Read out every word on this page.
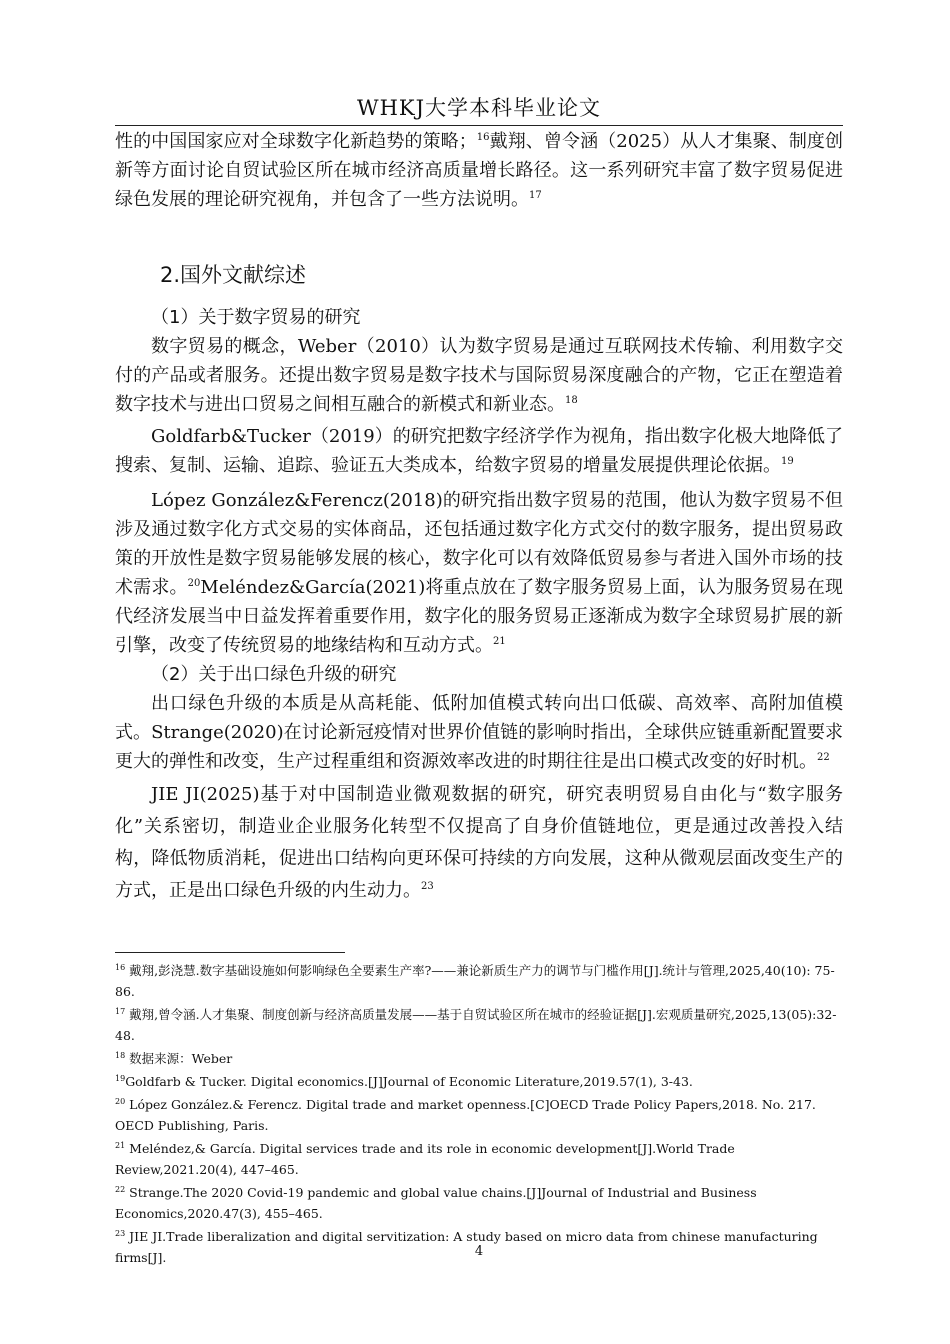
WHKJ大学本科毕业论文

性的中国国家应对全球数字化新趋势的策略；$^{16}$戴翔、曾令涵（2025）从人才集聚、制度创新等方面讨论自贸试验区所在城市经济高质量增长路径。这一系列研究丰富了数字贸易促进绿色发展的理论研究视角，并包含了一些方法说明。$^{17}$

2.国外文献综述
（1）关于数字贸易的研究

数字贸易的概念，Weber（2010）认为数字贸易是通过互联网技术传输、利用数字交付的产品或者服务。还提出数字贸易是数字技术与国际贸易深度融合的产物，它正在塑造着数字技术与进出口贸易之间相互融合的新模式和新业态。$^{18}$

Goldfarb&Tucker（2019）的研究把数字经济学作为视角，指出数字化极大地降低了搜索、复制、运输、追踪、验证五大类成本，给数字贸易的增量发展提供理论依据。$^{19}$

López González&Ferencz(2018)的研究指出数字贸易的范围，他认为数字贸易不但涉及通过数字化方式交易的实体商品，还包括通过数字化方式交付的数字服务，提出贸易政策的开放性是数字贸易能够发展的核心，数字化可以有效降低贸易参与者进入国外市场的技术需求。$^{20}$Meléndez&García(2021)将重点放在了数字服务贸易上面，认为服务贸易在现代经济发展当中日益发挥着重要作用，数字化的服务贸易正逐渐成为数字全球贸易扩展的新引擎，改变了传统贸易的地缘结构和互动方式。$^{21}$

（2）关于出口绿色升级的研究

出口绿色升级的本质是从高耗能、低附加值模式转向出口低碳、高效率、高附加值模式。Strange(2020)在讨论新冠疫情对世界价值链的影响时指出，全球供应链重新配置要求更大的弹性和改变，生产过程重组和资源效率改进的时期往往是出口模式改变的好时机。$^{22}$

JIE JI(2025)基于对中国制造业微观数据的研究，研究表明贸易自由化与“数字服务化”关系密切，制造业企业服务化转型不仅提高了自身价值链地位，更是通过改善投入结构，降低物质消耗，促进出口结构向更环保可持续的方向发展，这种从微观层面改变生产的方式，正是出口绿色升级的内生动力。$^{23}$

$^{16}$ 戴翔,彭浇慧.数字基础设施如何影响绿色全要素生产率?——兼论新质生产力的调节与门槛作用[J].统计与管理,2025,40(10): 75-86.

$^{17}$ 戴翔,曾令涵.人才集聚、制度创新与经济高质量发展——基于自贸试验区所在城市的经验证据[J].宏观质量研究,2025,13(05):32-48.

$^{18}$ 数据来源：Weber

$^{19}$Goldfarb & Tucker. Digital economics.[J]Journal of Economic Literature,2019.57(1), 3-43.

$^{20}$ López González.& Ferencz. Digital trade and market openness.[C]OECD Trade Policy Papers,2018. No. 217. OECD Publishing, Paris.

$^{21}$ Meléndez,& García. Digital services trade and its role in economic development[J].World Trade Review,2021.20(4), 447–465.

$^{22}$ Strange.The 2020 Covid-19 pandemic and global value chains.[J]Journal of Industrial and Business Economics,2020.47(3), 455–465.

$^{23}$ JIE JI.Trade liberalization and digital servitization: A study based on micro data from chinese manufacturing firms[J].	4
